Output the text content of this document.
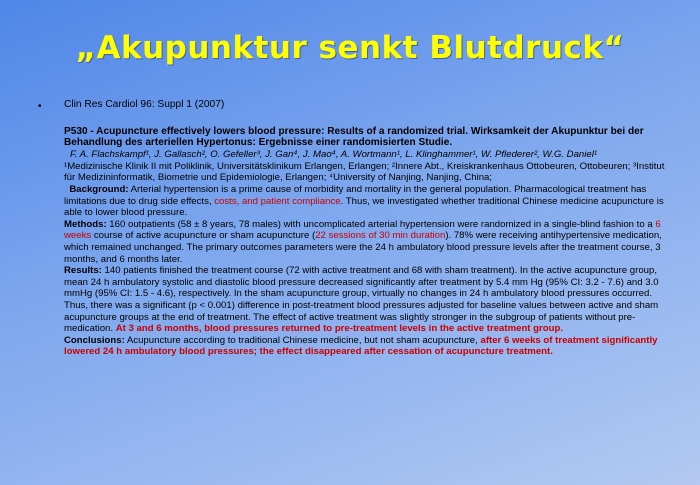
„Akupunktur senkt Blutdruck“
• Clin Res Cardiol 96: Suppl 1 (2007)

P530 - Acupuncture effectively lowers blood pressure: Results of a randomized trial. Wirksamkeit der Akupunktur bei der Behandlung des arteriellen Hypertonus: Ergebnisse einer randomisierten Studie.

F. A. Flachskampf¹, J. Gallasch², O. Gefeller³, J. Gan⁴, J. Mao⁴, A. Wortmann¹, L. Klinghammer¹, W. Pflederer², W.G. Daniel¹

¹Medizinische Klinik II mit Poliklinik, Universitätsklinikum Erlangen, Erlangen; ²Innere Abt., Kreiskrankenhaus Ottobeuren, Ottobeuren; ³Institut für Medizininformatik, Biometrie und Epidemiologie, Erlangen; ⁴University of Nanjing, Nanjing, China;

Background: Arterial hypertension is a prime cause of morbidity and mortality in the general population. Pharmacological treatment has limitations due to drug side effects, costs, and patient compliance. Thus, we investigated whether traditional Chinese medicine acupuncture is able to lower blood pressure.

Methods: 160 outpatients (58 ± 8 years, 78 males) with uncomplicated arterial hypertension were randomized in a single-blind fashion to a 6 weeks course of active acupuncture or sham acupuncture (22 sessions of 30 min duration). 78% were receiving antihypertensive medication, which remained unchanged. The primary outcomes parameters were the 24 h ambulatory blood pressure levels after the treatment course, 3 months, and 6 months later.

Results: 140 patients finished the treatment course (72 with active treatment and 68 with sham treatment). In the active acupuncture group, mean 24 h ambulatory systolic and diastolic blood pressure decreased significantly after treatment by 5.4 mm Hg (95% CI: 3.2 - 7.6) and 3.0 mmHg (95% CI: 1.5 - 4.6), respectively. In the sham acupuncture group, virtually no changes in 24 h ambulatory blood pressures occurred. Thus, there was a significant (p < 0.001) difference in post-treatment blood pressures adjusted for baseline values between active and sham acupuncture groups at the end of treatment. The effect of active treatment was slightly stronger in the subgroup of patients without pre-medication. At 3 and 6 months, blood pressures returned to pre-treatment levels in the active treatment group.

Conclusions: Acupuncture according to traditional Chinese medicine, but not sham acupuncture, after 6 weeks of treatment significantly lowered 24 h ambulatory blood pressures; the effect disappeared after cessation of acupuncture treatment.
